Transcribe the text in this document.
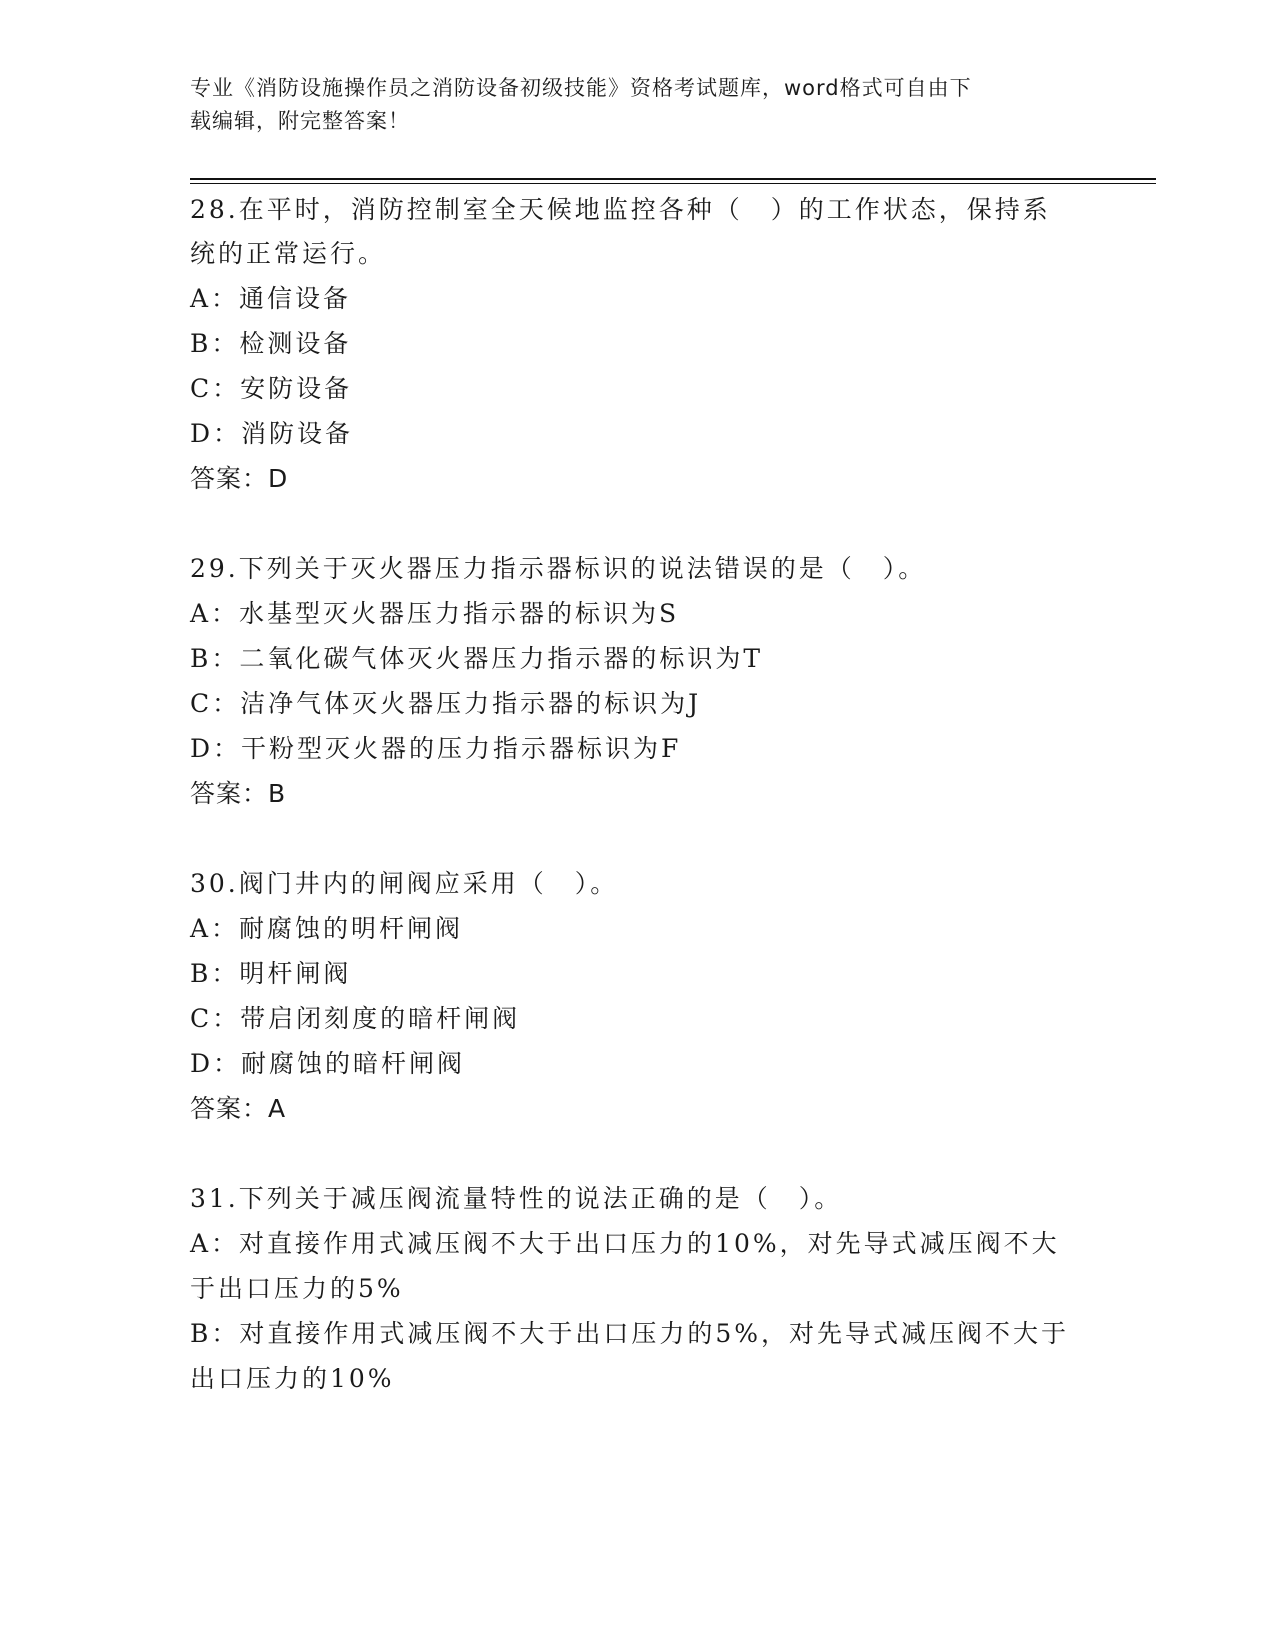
专业《消防设施操作员之消防设备初级技能》资格考试题库，word格式可自由下
载编辑，附完整答案！

28.在平时，消防控制室全天候地监控各种（　）的工作状态，保持系

统的正常运行。

A：通信设备

B：检测设备

C：安防设备

D：消防设备

答案：D

29.下列关于灭火器压力指示器标识的说法错误的是（　）。

A：水基型灭火器压力指示器的标识为S

B：二氧化碳气体灭火器压力指示器的标识为T

C：洁净气体灭火器压力指示器的标识为J

D：干粉型灭火器的压力指示器标识为F

答案：B

30.阀门井内的闸阀应采用（　）。

A：耐腐蚀的明杆闸阀

B：明杆闸阀

C：带启闭刻度的暗杆闸阀

D：耐腐蚀的暗杆闸阀

答案：A

31.下列关于减压阀流量特性的说法正确的是（　）。

A：对直接作用式减压阀不大于出口压力的10%，对先导式减压阀不大

于出口压力的5%

B：对直接作用式减压阀不大于出口压力的5%，对先导式减压阀不大于

出口压力的10%
